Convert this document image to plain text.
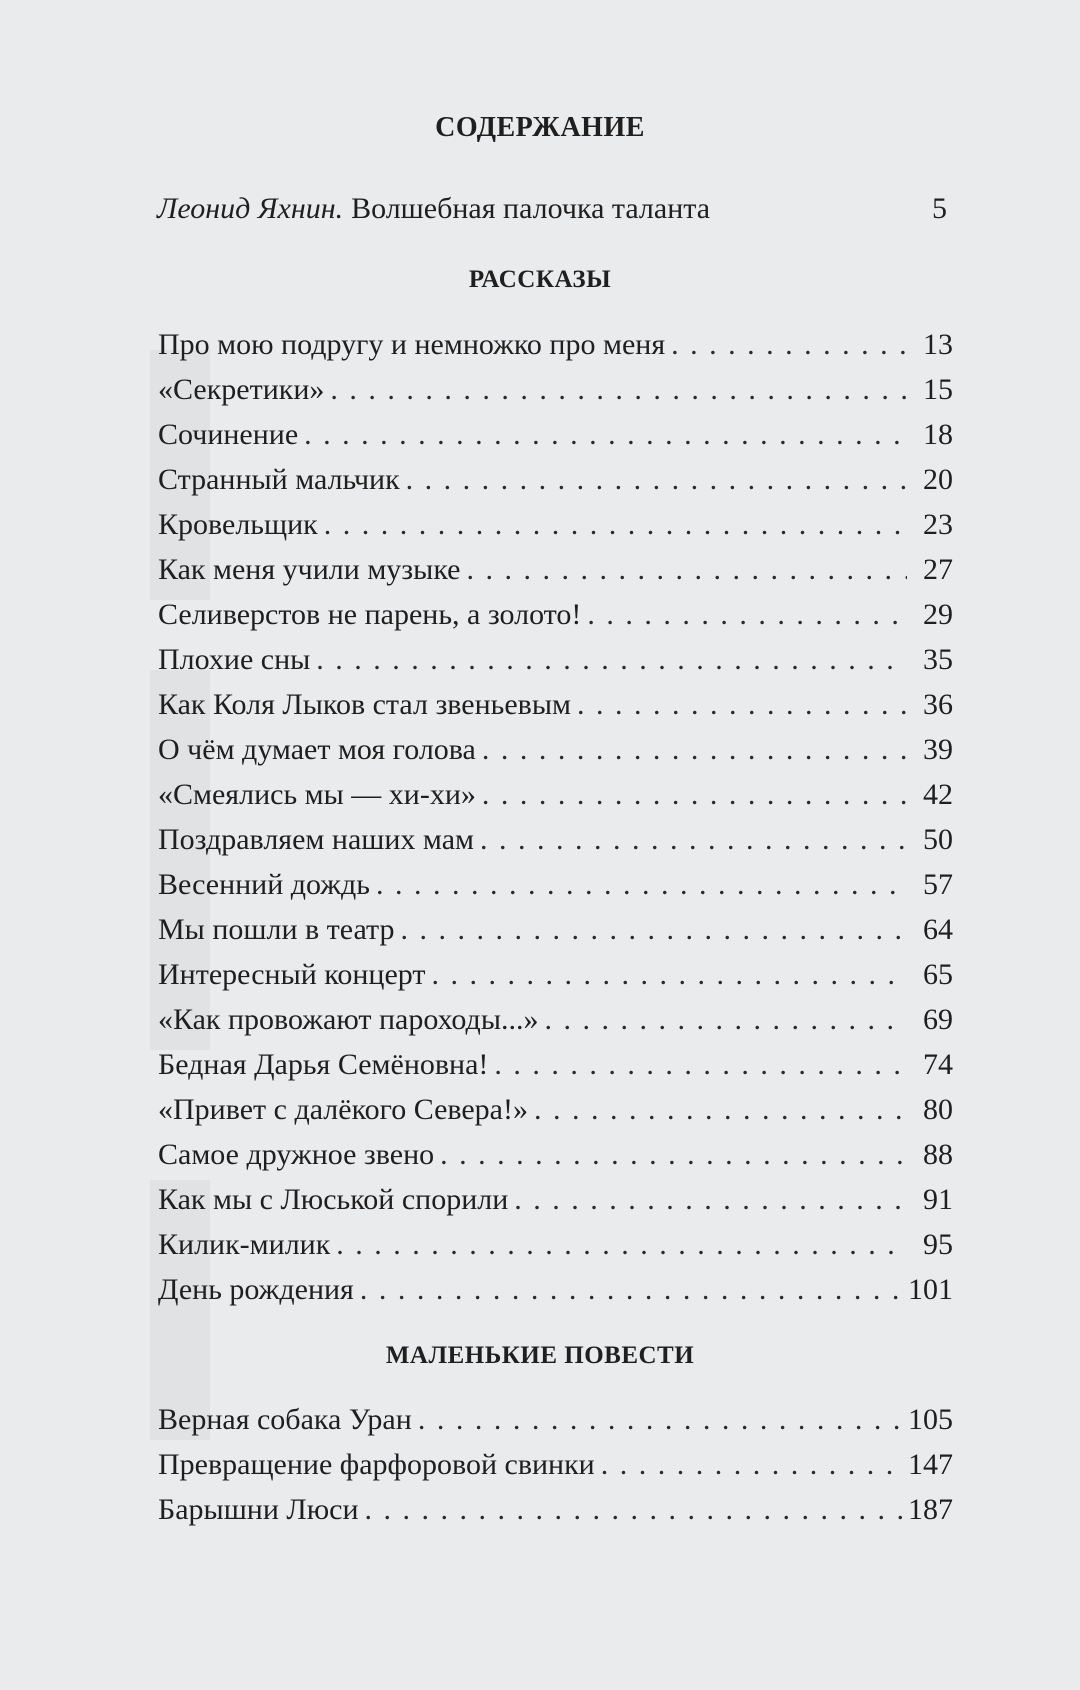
СОДЕРЖАНИЕ
Леонид Яхнин. Волшебная палочка таланта	5
РАССКАЗЫ
Про мою подругу и немножко про меня . . .	13
«Секретики» . . .	15
Сочинение . . .	18
Странный мальчик . . .	20
Кровельщик . . .	23
Как меня учили музыке . . .	27
Селиверстов не парень, а золото! . . .	29
Плохие сны . . .	35
Как Коля Лыков стал звеньевым . . .	36
О чём думает моя голова . . .	39
«Смеялись мы — хи-хи» . . .	42
Поздравляем наших мам . . .	50
Весенний дождь . . .	57
Мы пошли в театр . . .	64
Интересный концерт . . .	65
«Как провожают пароходы...» . . .	69
Бедная Дарья Семёновна! . . .	74
«Привет с далёкого Севера!» . . .	80
Самое дружное звено . . .	88
Как мы с Люськой спорили . . .	91
Килик-милик . . .	95
День рождения . . .	101
МАЛЕНЬКИЕ ПОВЕСТИ
Верная собака Уран . . .	105
Превращение фарфоровой свинки . . .	147
Барышни Люси . . .	187
